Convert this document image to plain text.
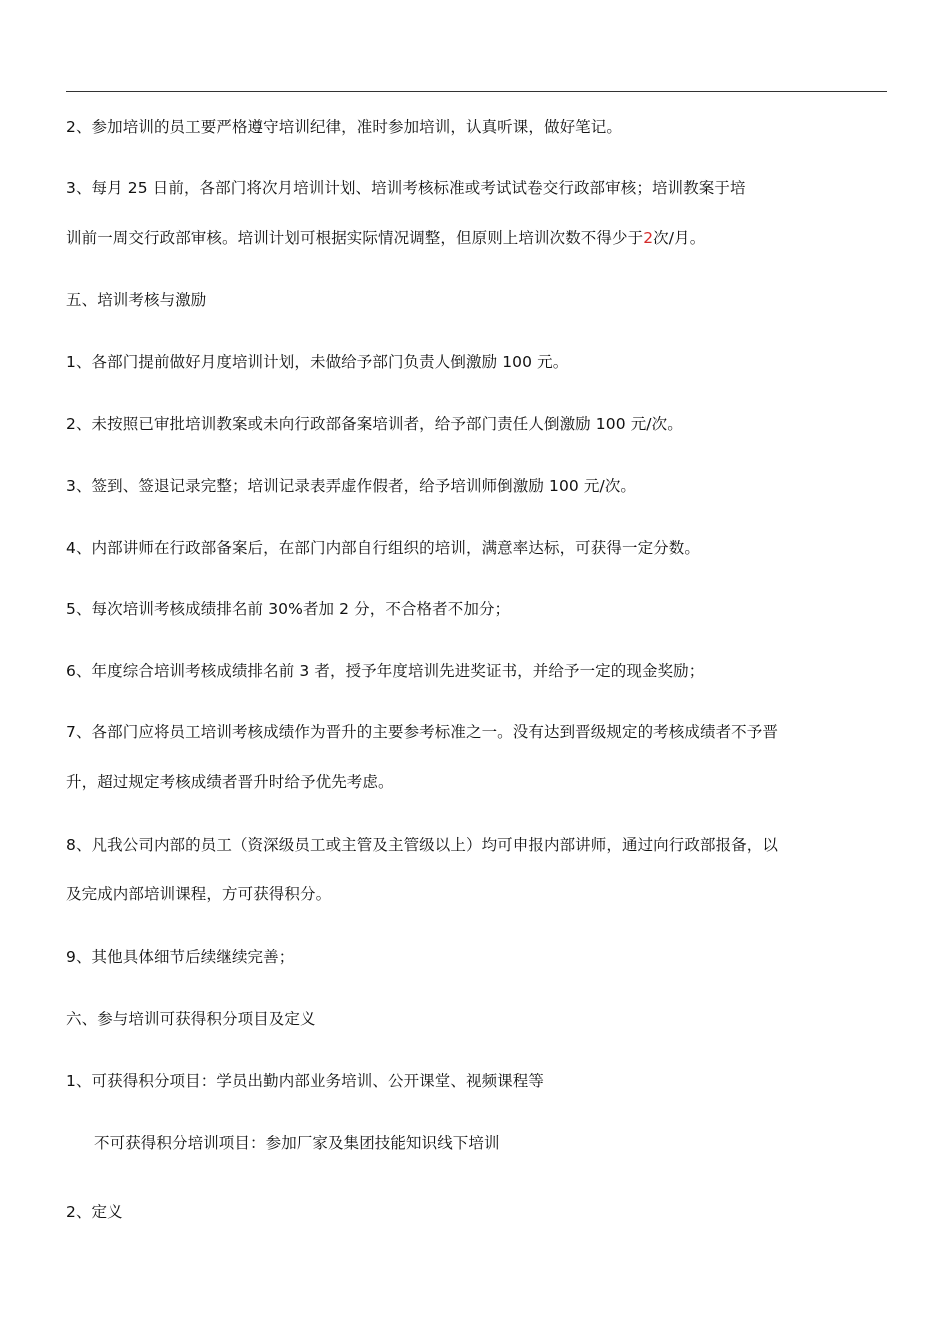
2、参加培训的员工要严格遵守培训纪律，准时参加培训，认真听课，做好笔记。
3、每月 25 日前，各部门将次月培训计划、培训考核标准或考试试卷交行政部审核；培训教案于培
训前一周交行政部审核。培训计划可根据实际情况调整，但原则上培训次数不得少于2次/月。
五、培训考核与激励
1、各部门提前做好月度培训计划，未做给予部门负责人倒激励 100 元。
2、未按照已审批培训教案或未向行政部备案培训者，给予部门责任人倒激励 100 元/次。
3、签到、签退记录完整；培训记录表弄虚作假者，给予培训师倒激励 100 元/次。
4、内部讲师在行政部备案后，在部门内部自行组织的培训，满意率达标，可获得一定分数。
5、每次培训考核成绩排名前 30%者加 2 分，不合格者不加分；
6、年度综合培训考核成绩排名前 3 者，授予年度培训先进奖证书，并给予一定的现金奖励；
7、各部门应将员工培训考核成绩作为晋升的主要参考标准之一。没有达到晋级规定的考核成绩者不予晋
升，超过规定考核成绩者晋升时给予优先考虑。
8、凡我公司内部的员工（资深级员工或主管及主管级以上）均可申报内部讲师，通过向行政部报备，以
及完成内部培训课程，方可获得积分。
9、其他具体细节后续继续完善；
六、参与培训可获得积分项目及定义
1、可获得积分项目：学员出勤内部业务培训、公开课堂、视频课程等
不可获得积分培训项目：参加厂家及集团技能知识线下培训
2、定义
